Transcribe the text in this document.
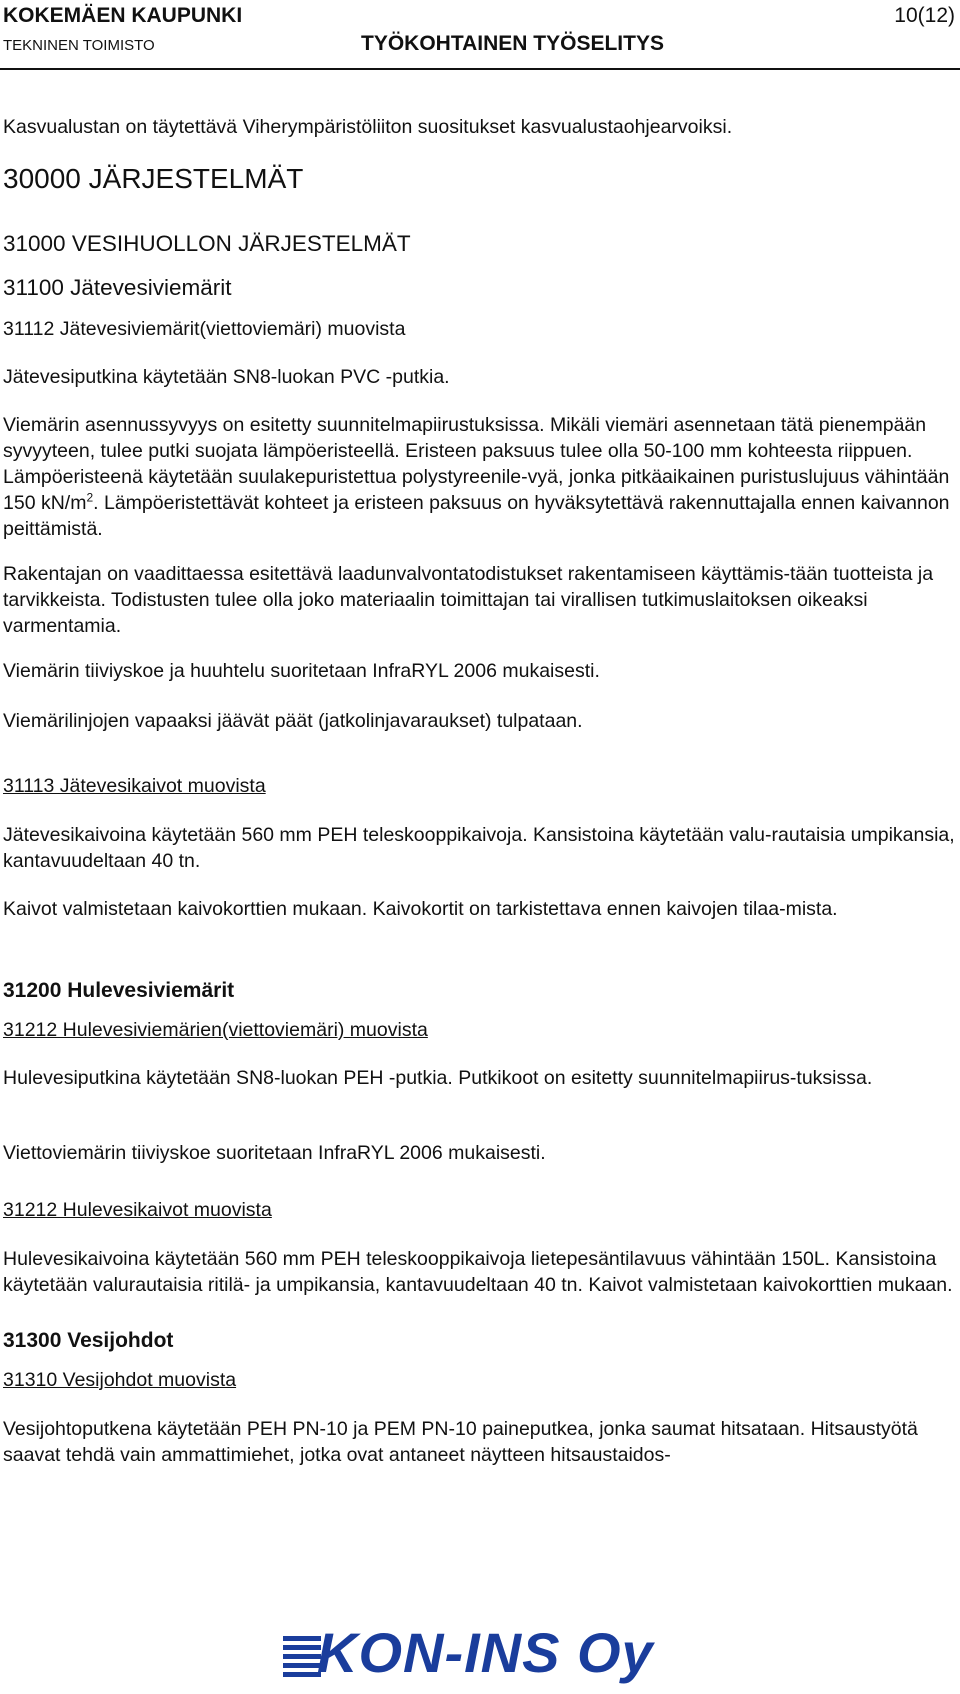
KOKEMÄEN KAUPUNKI	10(12)
TEKNINEN TOIMISTO	TYÖKOHTAINEN TYÖSELITYS
Kasvualustan on täytettävä Viherympäristöliiton suositukset kasvualustaohjearvoiksi.
30000 JÄRJESTELMÄT
31000 VESIHUOLLON JÄRJESTELMÄT
31100 Jätevesiviemärit
31112 Jätevesiviemärit(viettoviemäri) muovista
Jätevesiputkina käytetään SN8-luokan PVC -putkia.
Viemärin asennussyvyys on esitetty suunnitelmapiirustuksissa. Mikäli viemäri asennetaan tätä pienempään syvyyteen, tulee putki suojata lämpöeristeellä. Eristeen paksuus tulee olla 50-100 mm kohteesta riippuen. Lämpöeristeenä käytetään suulakepuristettua polystyreenile-vyä, jonka pitkäaikainen puristuslujuus vähintään 150 $kN/m^2$. Lämpöeristettävät kohteet ja eristeen paksuus on hyväksytettävä rakennuttajalla ennen kaivannon peittämistä.
Rakentajan on vaadittaessa esitettävä laadunvalvontatodistukset rakentamiseen käyttämis-tään tuotteista ja tarvikkeista. Todistusten tulee olla joko materiaalin toimittajan tai virallisen tutkimuslaitoksen oikeaksi varmentamia.
Viemärin tiiviyskoe ja huuhtelu suoritetaan InfraRYL 2006 mukaisesti.
Viemärilinjojen vapaaksi jäävät päät (jatkolinjavaraukset) tulpataan.
31113 Jätevesikaivot muovista
Jätevesikaivoina käytetään 560 mm PEH teleskooppikaivoja. Kansistoina käytetään valu-rautaisia umpikansia, kantavuudeltaan 40 tn.
Kaivot valmistetaan kaivokorttien mukaan. Kaivokortit on tarkistettava ennen kaivojen tilaa-mista.
31200 Hulevesiviemärit
31212 Hulevesiviemärien(viettoviemäri) muovista
Hulevesiputkina käytetään SN8-luokan PEH -putkia. Putkikoot on esitetty suunnitelmapiirus-tuksissa.
Viettoviemärin tiiviyskoe suoritetaan InfraRYL 2006 mukaisesti.
31212 Hulevesikaivot muovista
Hulevesikaivoina käytetään 560 mm PEH teleskooppikaivoja lietepesäntilavuus vähintään 150L. Kansistoina käytetään valurautaisia ritilä- ja umpikansia, kantavuudeltaan 40 tn. Kaivot valmistetaan kaivokorttien mukaan.
31300 Vesijohdot
31310 Vesijohdot muovista
Vesijohtoputkena käytetään PEH PN-10 ja PEM PN-10 paineputkea, jonka saumat hitsataan. Hitsaustyötä saavat tehdä vain ammattimiehet, jotka ovat antaneet näytteen hitsaustaidos-
KON-INS Oy
